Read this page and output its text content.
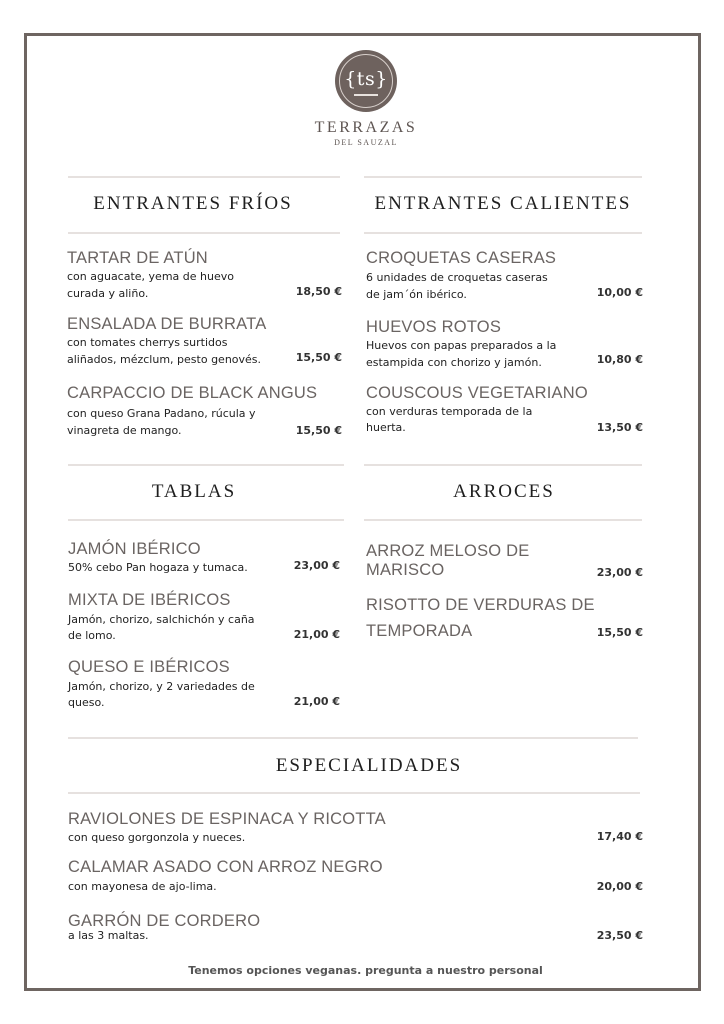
{ts}
TERRAZAS
DEL SAUZAL
ENTRANTES FRÍOS
TARTAR DE ATÚN
con aguacate, yema de huevo
curada y aliño.	18,50 €
ENSALADA DE BURRATA
con tomates cherrys surtidos
aliñados, mézclum, pesto genovés.	15,50 €
CARPACCIO DE BLACK ANGUS
con queso Grana Padano, rúcula y
vinagreta de mango.	15,50 €
ENTRANTES CALIENTES
CROQUETAS CASERAS
6 unidades de croquetas caseras
de jam´ón ibérico.	10,00 €
HUEVOS ROTOS
Huevos con papas preparados a la
estampida con chorizo y jamón.	10,80 €
COUSCOUS VEGETARIANO
con verduras temporada de la
huerta.	13,50 €
TABLAS
JAMÓN IBÉRICO
50% cebo Pan hogaza y tumaca.	23,00 €
MIXTA DE IBÉRICOS
Jamón, chorizo, salchichón y caña
de lomo.	21,00 €
QUESO E IBÉRICOS
Jamón, chorizo, y 2 variedades de
queso.	21,00 €
ARROCES
ARROZ MELOSO DE
MARISCO	23,00 €
RISOTTO DE VERDURAS DE
TEMPORADA	15,50 €
ESPECIALIDADES
RAVIOLONES DE ESPINACA Y RICOTTA
con queso gorgonzola y nueces.	17,40 €
CALAMAR ASADO CON ARROZ NEGRO
con mayonesa de ajo-lima.	20,00 €
GARRÓN DE CORDERO
a las 3 maltas.	23,50 €
Tenemos opciones veganas. pregunta a nuestro personal
